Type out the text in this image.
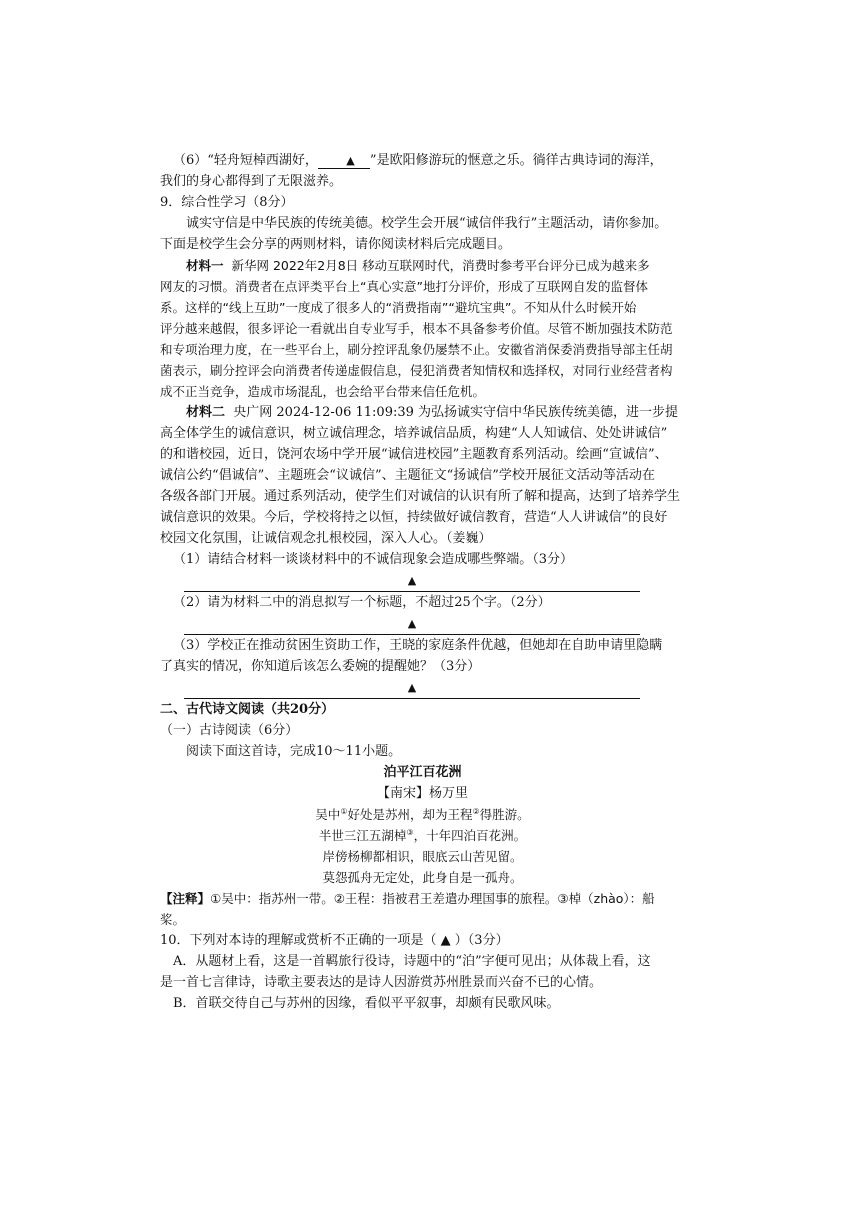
（6）“轻舟短棹西湖好，	▲ ”是欧阳修游玩的惬意之乐。徜徉古典诗词的海洋，

我们的身心都得到了无限滋养。

9．综合性学习（8分）

诚实守信是中华民族的传统美德。校学生会开展“诚信伴我行”主题活动，请你参加。

下面是校学生会分享的两则材料，请你阅读材料后完成题目。

材料一 新华网 2022年2月8日 移动互联网时代，消费时参考平台评分已成为越来多

网友的习惯。消费者在点评类平台上“真心实意”地打分评价，形成了互联网自发的监督体

系。这样的“线上互助”一度成了很多人的“消费指南”“避坑宝典”。不知从什么时候开始

评分越来越假，很多评论一看就出自专业写手，根本不具备参考价值。尽管不断加强技术防范

和专项治理力度，在一些平台上，刷分控评乱象仍屡禁不止。安徽省消保委消费指导部主任胡

菌表示，刷分控评会向消费者传递虚假信息，侵犯消费者知情权和选择权，对同行业经营者构

成不正当竞争，造成市场混乱，也会给平台带来信任危机。

材料二 央广网 2024-12-06 11:09:39 为弘扬诚实守信中华民族传统美德，进一步提

高全体学生的诚信意识，树立诚信理念，培养诚信品质，构建“人人知诚信、处处讲诚信”

的和谐校园，近日，饶河农场中学开展“诚信进校园”主题教育系列活动。绘画“宣诚信”、

诚信公约“倡诚信”、主题班会“议诚信”、主题征文“扬诚信”学校开展征文活动等活动在

各级各部门开展。通过系列活动，使学生们对诚信的认识有所了解和提高，达到了培养学生

诚信意识的效果。今后，学校将持之以恒，持续做好诚信教育，营造“人人讲诚信”的良好

校园文化氛围，让诚信观念扎根校园，深入人心。（姜巍）

（1）请结合材料一谈谈材料中的不诚信现象会造成哪些弊端。（3分）

▲

（2）请为材料二中的消息拟写一个标题，不超过25个字。（2分）

▲

（3）学校正在推动贫困生资助工作，王晓的家庭条件优越，但她却在自助申请里隐瞒

了真实的情况，你知道后该怎么委婉的提醒她？（3分）

▲

二、古代诗文阅读（共20分）

（一）古诗阅读（6分）

阅读下面这首诗，完成10～11小题。

泊平江百花洲

【南宋】杨万里

吴中①好处是苏州，却为王程②得胜游。

半世三江五湖棹③，十年四泊百花洲。

岸傍杨柳都相识，眼底云山苦见留。

莫怨孤舟无定处，此身自是一孤舟。

【注释】①吴中：指苏州一带。②王程：指被君王差遣办理国事的旅程。③棹（zhào）：船

桨。

10．下列对本诗的理解或赏析不正确的一项是（ ▲ ）（3分）

A．从题材上看，这是一首羁旅行役诗，诗题中的“泊”字便可见出；从体裁上看，这

是一首七言律诗，诗歌主要表达的是诗人因游赏苏州胜景而兴奋不已的心情。

B．首联交待自己与苏州的因缘，看似平平叙事，却颇有民歌风味。
